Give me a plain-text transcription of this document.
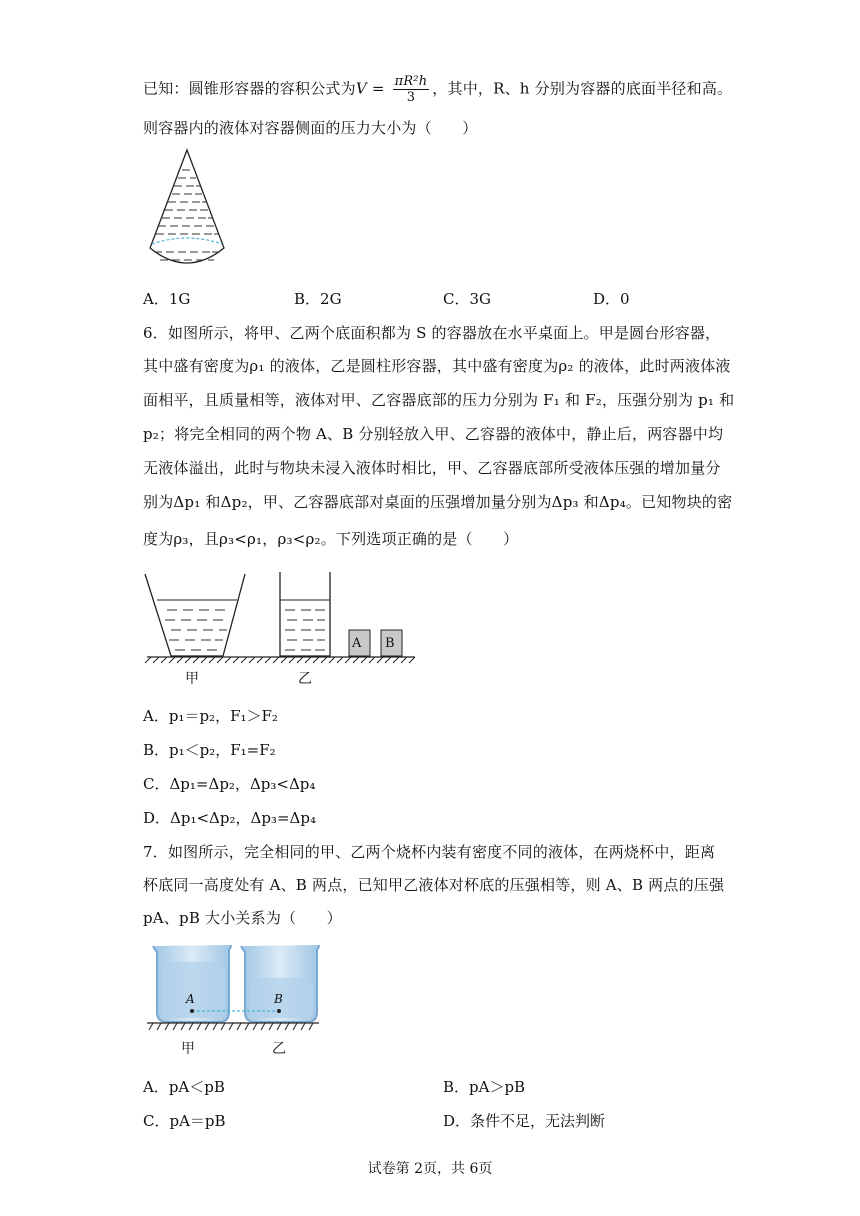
已知：圆锥形容器的容积公式为$V = \frac{\text{πR²h}}{3}$ ，其中，R、h 分别为容器的底面半径和高。
则容器内的液体对容器侧面的压力大小为（　　）
A．1G	B．2G	C．3G	D．0
6．如图所示，将甲、乙两个底面积都为 S 的容器放在水平桌面上。甲是圆台形容器，
其中盛有密度为ρ₁ 的液体，乙是圆柱形容器，其中盛有密度为ρ₂ 的液体，此时两液体液
面相平，且质量相等，液体对甲、乙容器底部的压力分别为 F₁ 和 F₂，压强分别为 p₁ 和
p₂；将完全相同的两个物 A、B 分别轻放入甲、乙容器的液体中，静止后，两容器中均
无液体溢出，此时与物块未浸入液体时相比，甲、乙容器底部所受液体压强的增加量分
别为Δp₁ 和Δp₂，甲、乙容器底部对桌面的压强增加量分别为Δp₃ 和Δp₄。已知物块的密
度为ρ₃，且ρ₃<ρ₁，ρ₃<ρ₂。下列选项正确的是（　　）
A B
甲	乙
A．p₁＝p₂，F₁＞F₂
B．p₁＜p₂，F₁=F₂
C．Δp₁=Δp₂，Δp₃<Δp₄
D．Δp₁<Δp₂，Δp₃=Δp₄
7．如图所示，完全相同的甲、乙两个烧杯内装有密度不同的液体，在两烧杯中，距离
杯底同一高度处有 A、B 两点，已知甲乙液体对杯底的压强相等，则 A、B 两点的压强
pA、pB 大小关系为（　　）
A	B
甲	乙
A．pA＜pB	B．pA＞pB
C．pA＝pB	D．条件不足，无法判断
试卷第 2页，共 6页
